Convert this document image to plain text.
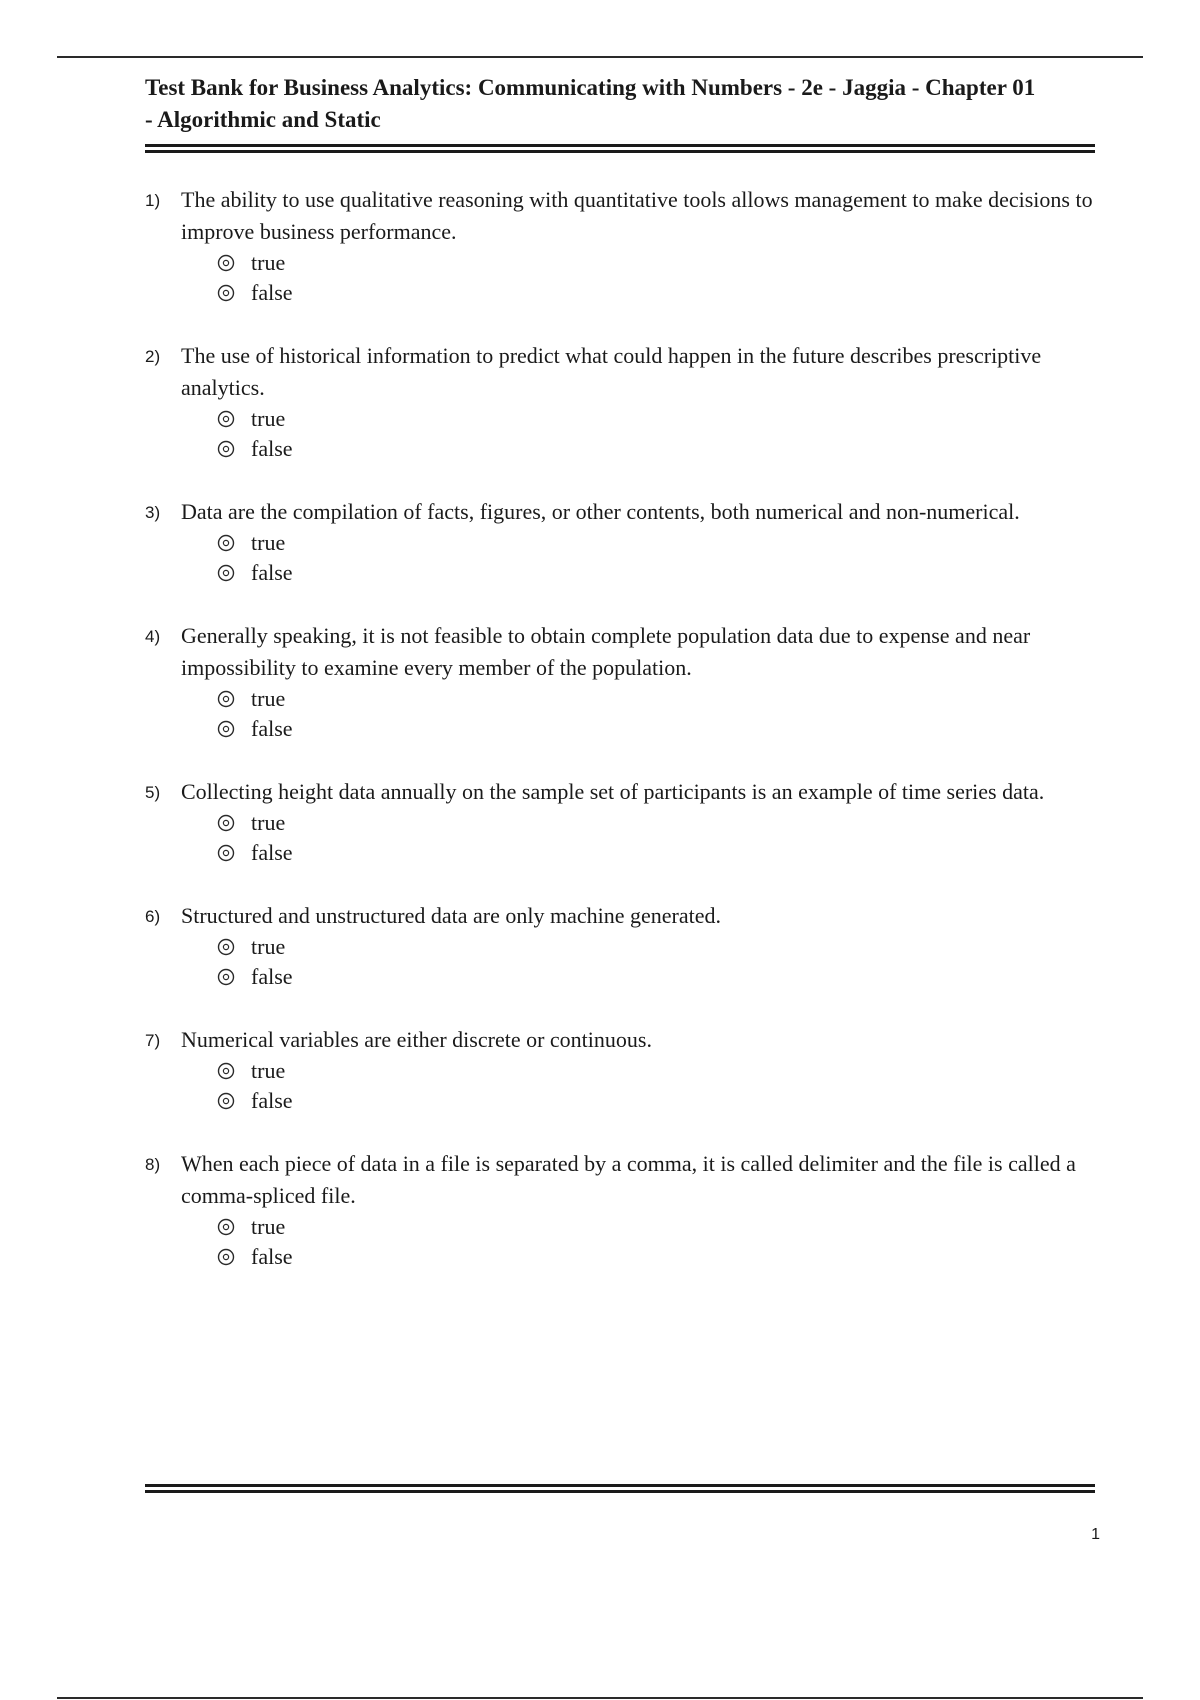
Test Bank for Business Analytics: Communicating with Numbers - 2e - Jaggia - Chapter 01
- Algorithmic and Static

1) The ability to use qualitative reasoning with quantitative tools allows management to make decisions to improve business performance.
true
false
2) The use of historical information to predict what could happen in the future describes prescriptive analytics.
true
false
3) Data are the compilation of facts, figures, or other contents, both numerical and non-numerical.
true
false
4) Generally speaking, it is not feasible to obtain complete population data due to expense and near impossibility to examine every member of the population.
true
false
5) Collecting height data annually on the sample set of participants is an example of time series data.
true
false
6) Structured and unstructured data are only machine generated.
true
false
7) Numerical variables are either discrete or continuous.
true
false
8) When each piece of data in a file is separated by a comma, it is called delimiter and the file is called a comma-spliced file.
true
false
1
